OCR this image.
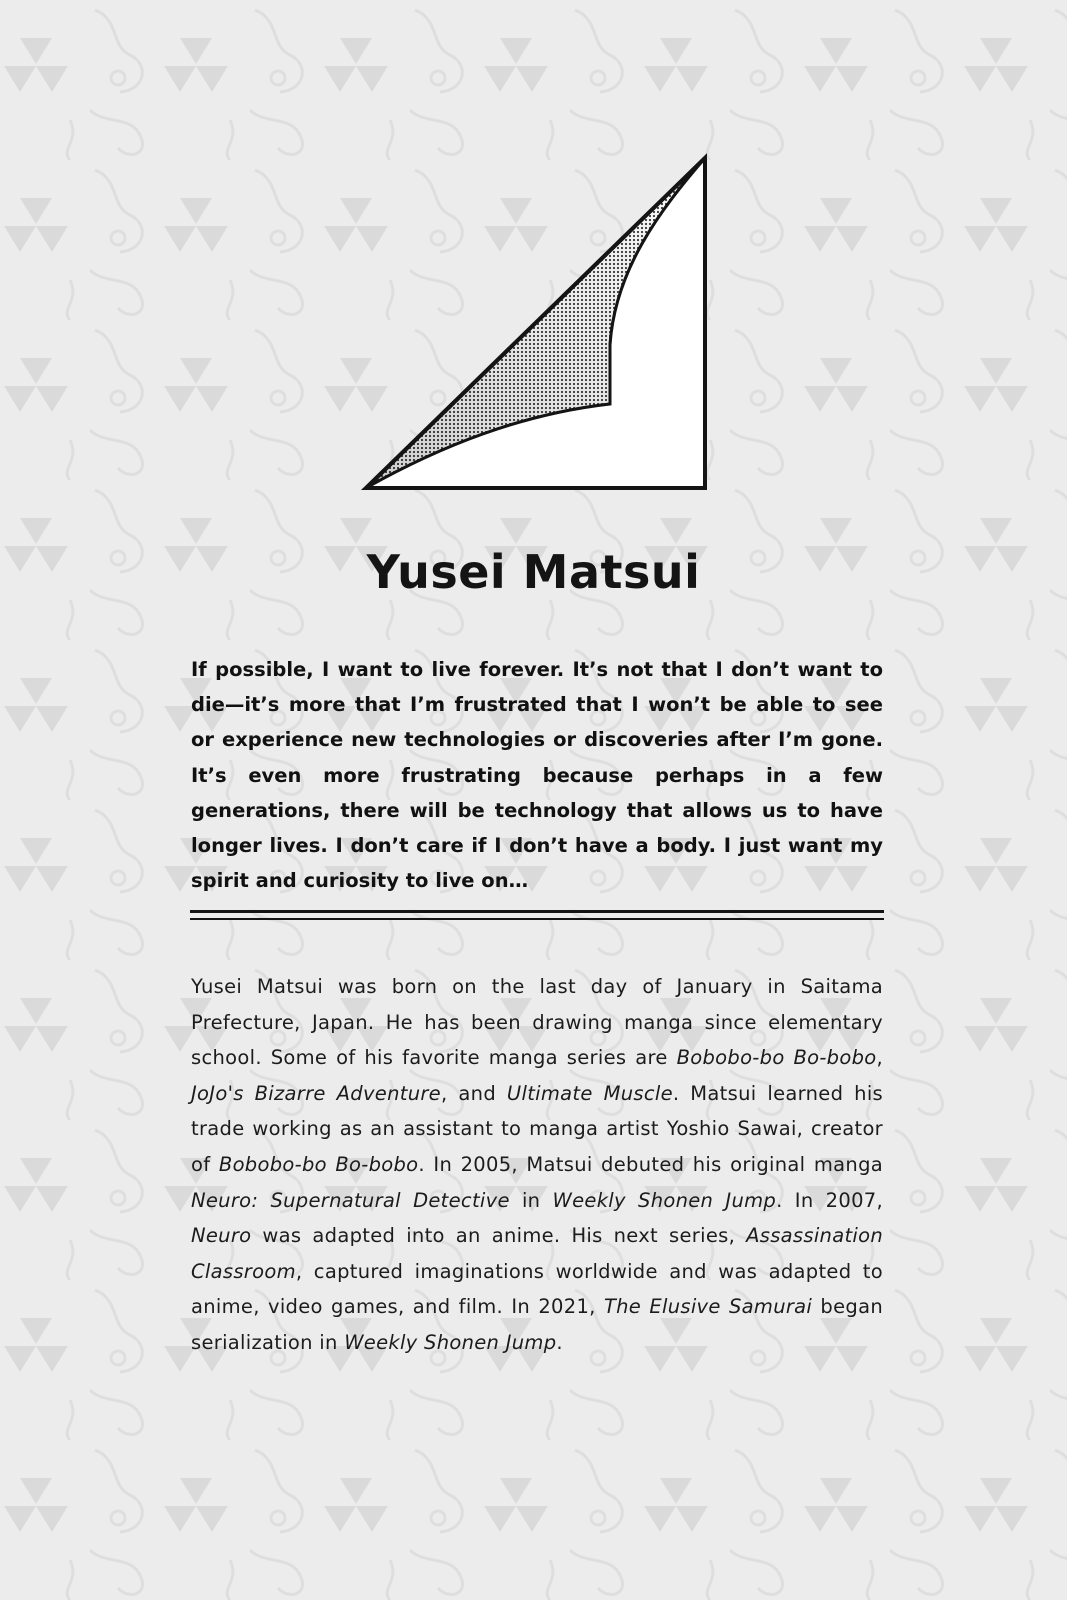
Yusei Matsui

If possible, I want to live forever. It’s not that I don’t want to die—it’s more that I’m frustrated that I won’t be able to see or experience new technologies or discoveries after I’m gone. It’s even more frustrating because perhaps in a few generations, there will be technology that allows us to have longer lives. I don’t care if I don’t have a body. I just want my spirit and curiosity to live on…

Yusei Matsui was born on the last day of January in Saitama Prefecture, Japan. He has been drawing manga since elementary school. Some of his favorite manga series are Bobobo-bo Bo-bobo, JoJo's Bizarre Adventure, and Ultimate Muscle. Matsui learned his trade working as an assistant to manga artist Yoshio Sawai, creator of Bobobo-bo Bo-bobo. In 2005, Matsui debuted his original manga Neuro: Supernatural Detective in Weekly Shonen Jump. In 2007, Neuro was adapted into an anime. His next series, Assassination Classroom, captured imaginations worldwide and was adapted to anime, video games, and film. In 2021, The Elusive Samurai began serialization in Weekly Shonen Jump.
